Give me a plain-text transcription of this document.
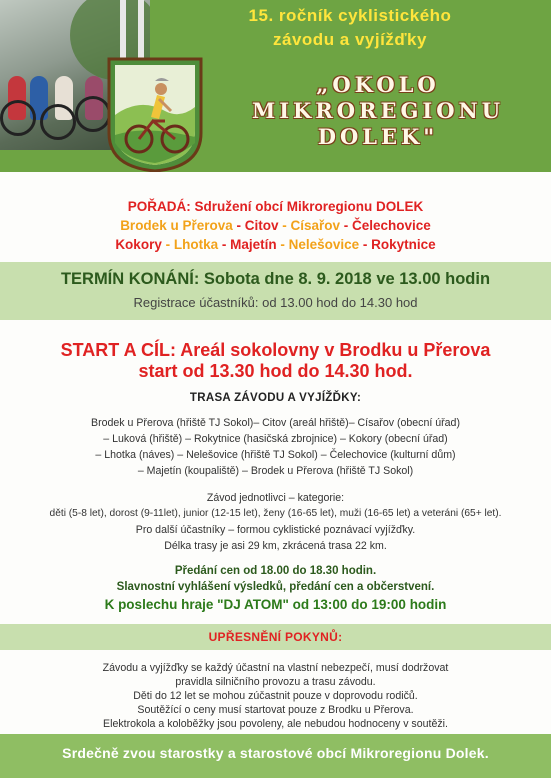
15. ročník cyklistického
závodu a vyjížďky
„OKOLO
MIKROREGIONU
DOLEK"
POŘADÁ: Sdružení obcí Mikroregionu DOLEK
Brodek u Přerova - Citov - Císařov - Čelechovice
Kokory - Lhotka - Majetín - Nelešovice - Rokytnice
TERMÍN KONÁNÍ: Sobota dne 8. 9. 2018 ve 13.00 hodin
Registrace účastníků: od 13.00 hod do 14.30 hod
START A CÍL: Areál sokolovny v Brodku u Přerova
start od 13.30 hod do 14.30 hod.
TRASA ZÁVODU A VYJÍŽĎKY:
Brodek u Přerova (hřiště TJ Sokol)– Citov (areál hřiště)– Císařov (obecní úřad)
– Luková (hřiště) – Rokytnice (hasičská zbrojnice) – Kokory (obecní úřad)
– Lhotka (náves) – Nelešovice (hřiště TJ Sokol) – Čelechovice (kulturní dům)
– Majetín (koupaliště) – Brodek u Přerova (hřiště TJ Sokol)
Závod jednotlivci – kategorie:
děti (5-8 let), dorost (9-11let), junior (12-15 let), ženy (16-65 let), muži (16-65 let) a veteráni (65+ let).
Pro další účastníky – formou cyklistické poznávací vyjížďky.
Délka trasy je asi 29 km, zkrácená trasa 22 km.
Předání cen od 18.00 do 18.30 hodin.
Slavnostní vyhlášení výsledků, předání cen a občerstvení.
K poslechu hraje "DJ ATOM" od 13:00 do 19:00 hodin
UPŘESNĚNÍ POKYNŮ:
Závodu a vyjížďky se každý účastní na vlastní nebezpečí, musí dodržovat
pravidla silničního provozu a trasu závodu.
Děti do 12 let se mohou zúčastnit pouze v doprovodu rodičů.
Soutěžící o ceny musí startovat pouze z Brodku u Přerova.
Elektrokola a koloběžky jsou povoleny, ale nebudou hodnoceny v soutěži.
Srdečně zvou starostky a starostové obcí Mikroregionu Dolek.
